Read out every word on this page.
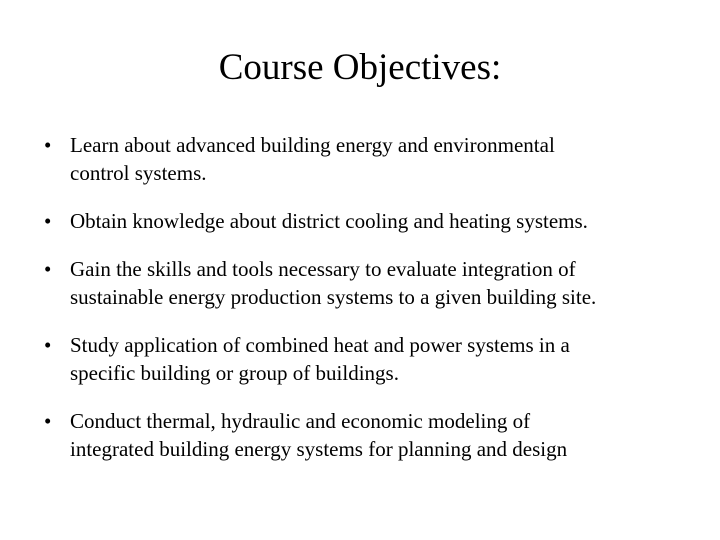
Course Objectives:
• Learn about advanced building energy and environmental
control systems.
• Obtain knowledge about district cooling and heating systems.
• Gain the skills and tools necessary to evaluate integration of
sustainable energy production systems to a given building site.
• Study application of combined heat and power systems in a
specific building or group of buildings.
• Conduct thermal, hydraulic and economic modeling of
integrated building energy systems for planning and design
